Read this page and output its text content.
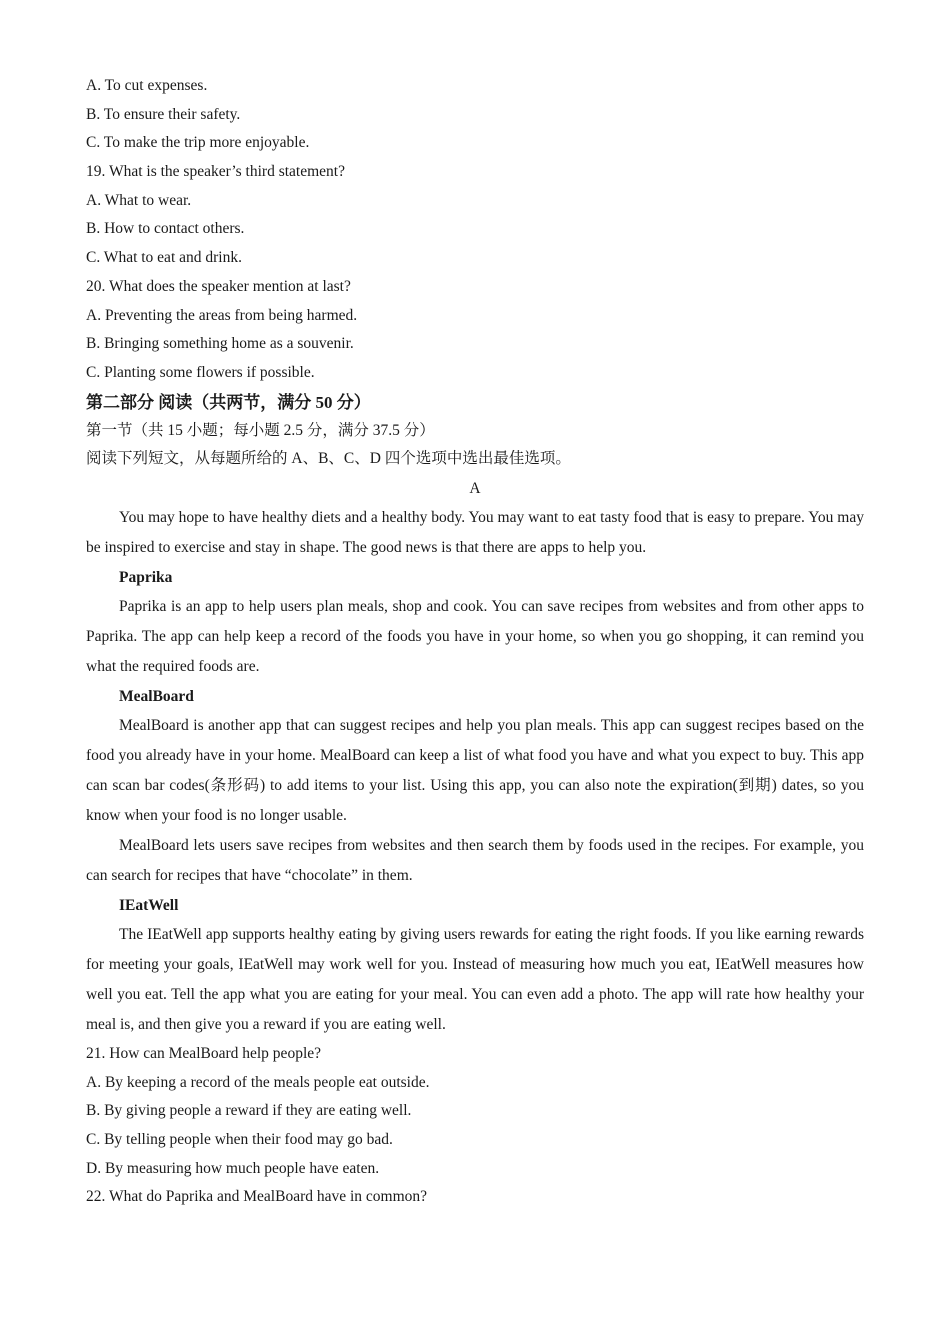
A. To cut expenses.
B. To ensure their safety.
C. To make the trip more enjoyable.
19. What is the speaker’s third statement?
A. What to wear.
B. How to contact others.
C. What to eat and drink.
20. What does the speaker mention at last?
A. Preventing the areas from being harmed.
B. Bringing something home as a souvenir.
C. Planting some flowers if possible.
第二部分 阅读（共两节，满分 50 分）
第一节（共 15 小题；每小题 2.5 分，满分 37.5 分）
阅读下列短文，从每题所给的 A、B、C、D 四个选项中选出最佳选项。
A

You may hope to have healthy diets and a healthy body. You may want to eat tasty food that is easy to prepare. You may be inspired to exercise and stay in shape. The good news is that there are apps to help you.

Paprika

Paprika is an app to help users plan meals, shop and cook. You can save recipes from websites and from other apps to Paprika. The app can help keep a record of the foods you have in your home, so when you go shopping, it can remind you what the required foods are.

MealBoard

MealBoard is another app that can suggest recipes and help you plan meals. This app can suggest recipes based on the food you already have in your home. MealBoard can keep a list of what food you have and what you expect to buy. This app can scan bar codes(条形码) to add items to your list. Using this app, you can also note the expiration(到期) dates, so you know when your food is no longer usable.

MealBoard lets users save recipes from websites and then search them by foods used in the recipes. For example, you can search for recipes that have “chocolate” in them.

IEatWell

The IEatWell app supports healthy eating by giving users rewards for eating the right foods. If you like earning rewards for meeting your goals, IEatWell may work well for you. Instead of measuring how much you eat, IEatWell measures how well you eat. Tell the app what you are eating for your meal. You can even add a photo. The app will rate how healthy your meal is, and then give you a reward if you are eating well.

21. How can MealBoard help people?
A. By keeping a record of the meals people eat outside.
B. By giving people a reward if they are eating well.
C. By telling people when their food may go bad.
D. By measuring how much people have eaten.
22. What do Paprika and MealBoard have in common?
